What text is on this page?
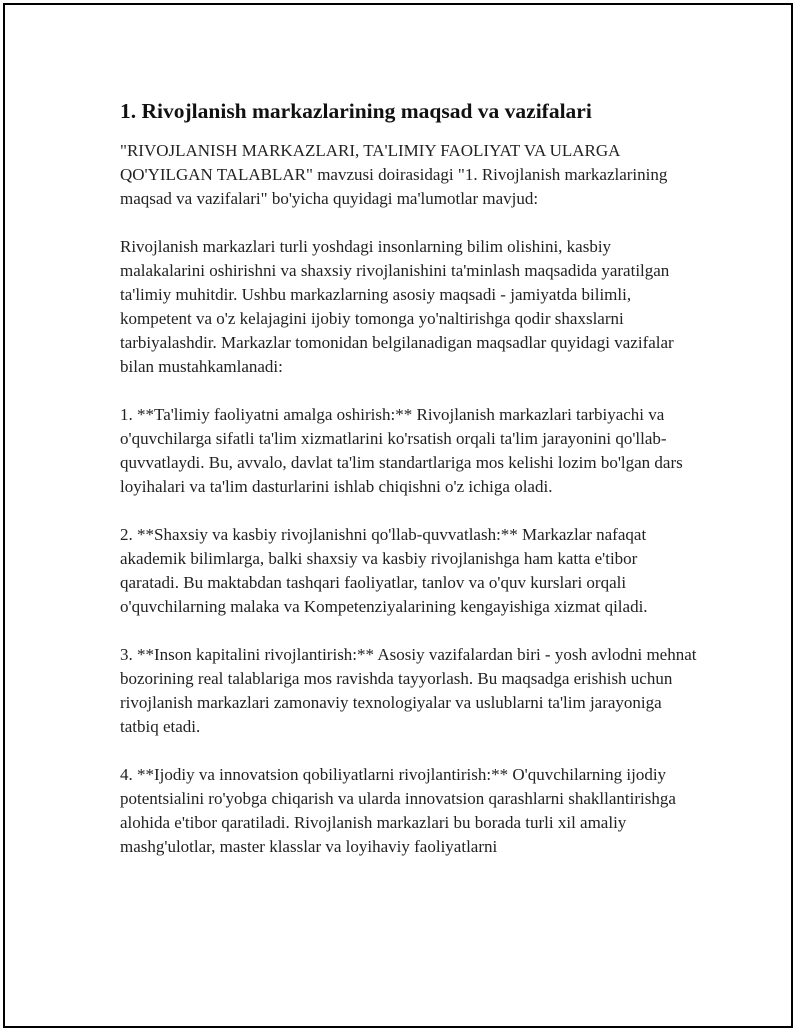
1. Rivojlanish markazlarining maqsad va vazifalari

"RIVOJLANISH MARKAZLARI, TA'LIMIY FAOLIYAT VA ULARGA QO'YILGAN TALABLAR" mavzusi doirasidagi "1. Rivojlanish markazlarining maqsad va vazifalari" bo'yicha quyidagi ma'lumotlar mavjud:

Rivojlanish markazlari turli yoshdagi insonlarning bilim olishini, kasbiy malakalarini oshirishni va shaxsiy rivojlanishini ta'minlash maqsadida yaratilgan ta'limiy muhitdir. Ushbu markazlarning asosiy maqsadi - jamiyatda bilimli, kompetent va o'z kelajagini ijobiy tomonga yo'naltirishga qodir shaxslarni tarbiyalashdir. Markazlar tomonidan belgilanadigan maqsadlar quyidagi vazifalar bilan mustahkamlanadi:

1. **Ta'limiy faoliyatni amalga oshirish:** Rivojlanish markazlari tarbiyachi va o'quvchilarga sifatli ta'lim xizmatlarini ko'rsatish orqali ta'lim jarayonini qo'llab-quvvatlaydi. Bu, avvalo, davlat ta'lim standartlariga mos kelishi lozim bo'lgan dars loyihalari va ta'lim dasturlarini ishlab chiqishni o'z ichiga oladi.

2. **Shaxsiy va kasbiy rivojlanishni qo'llab-quvvatlash:** Markazlar nafaqat akademik bilimlarga, balki shaxsiy va kasbiy rivojlanishga ham katta e'tibor qaratadi. Bu maktabdan tashqari faoliyatlar, tanlov va o'quv kurslari orqali o'quvchilarning malaka va Kompetenziyalarining kengayishiga xizmat qiladi.

3. **Inson kapitalini rivojlantirish:** Asosiy vazifalardan biri - yosh avlodni mehnat bozorining real talablariga mos ravishda tayyorlash. Bu maqsadga erishish uchun rivojlanish markazlari zamonaviy texnologiyalar va uslublarni ta'lim jarayoniga tatbiq etadi.

4. **Ijodiy va innovatsion qobiliyatlarni rivojlantirish:** O'quvchilarning ijodiy potentsialini ro'yobga chiqarish va ularda innovatsion qarashlarni shakllantirishga alohida e'tibor qaratiladi. Rivojlanish markazlari bu borada turli xil amaliy mashg'ulotlar, master klasslar va loyihaviy faoliyatlarni
